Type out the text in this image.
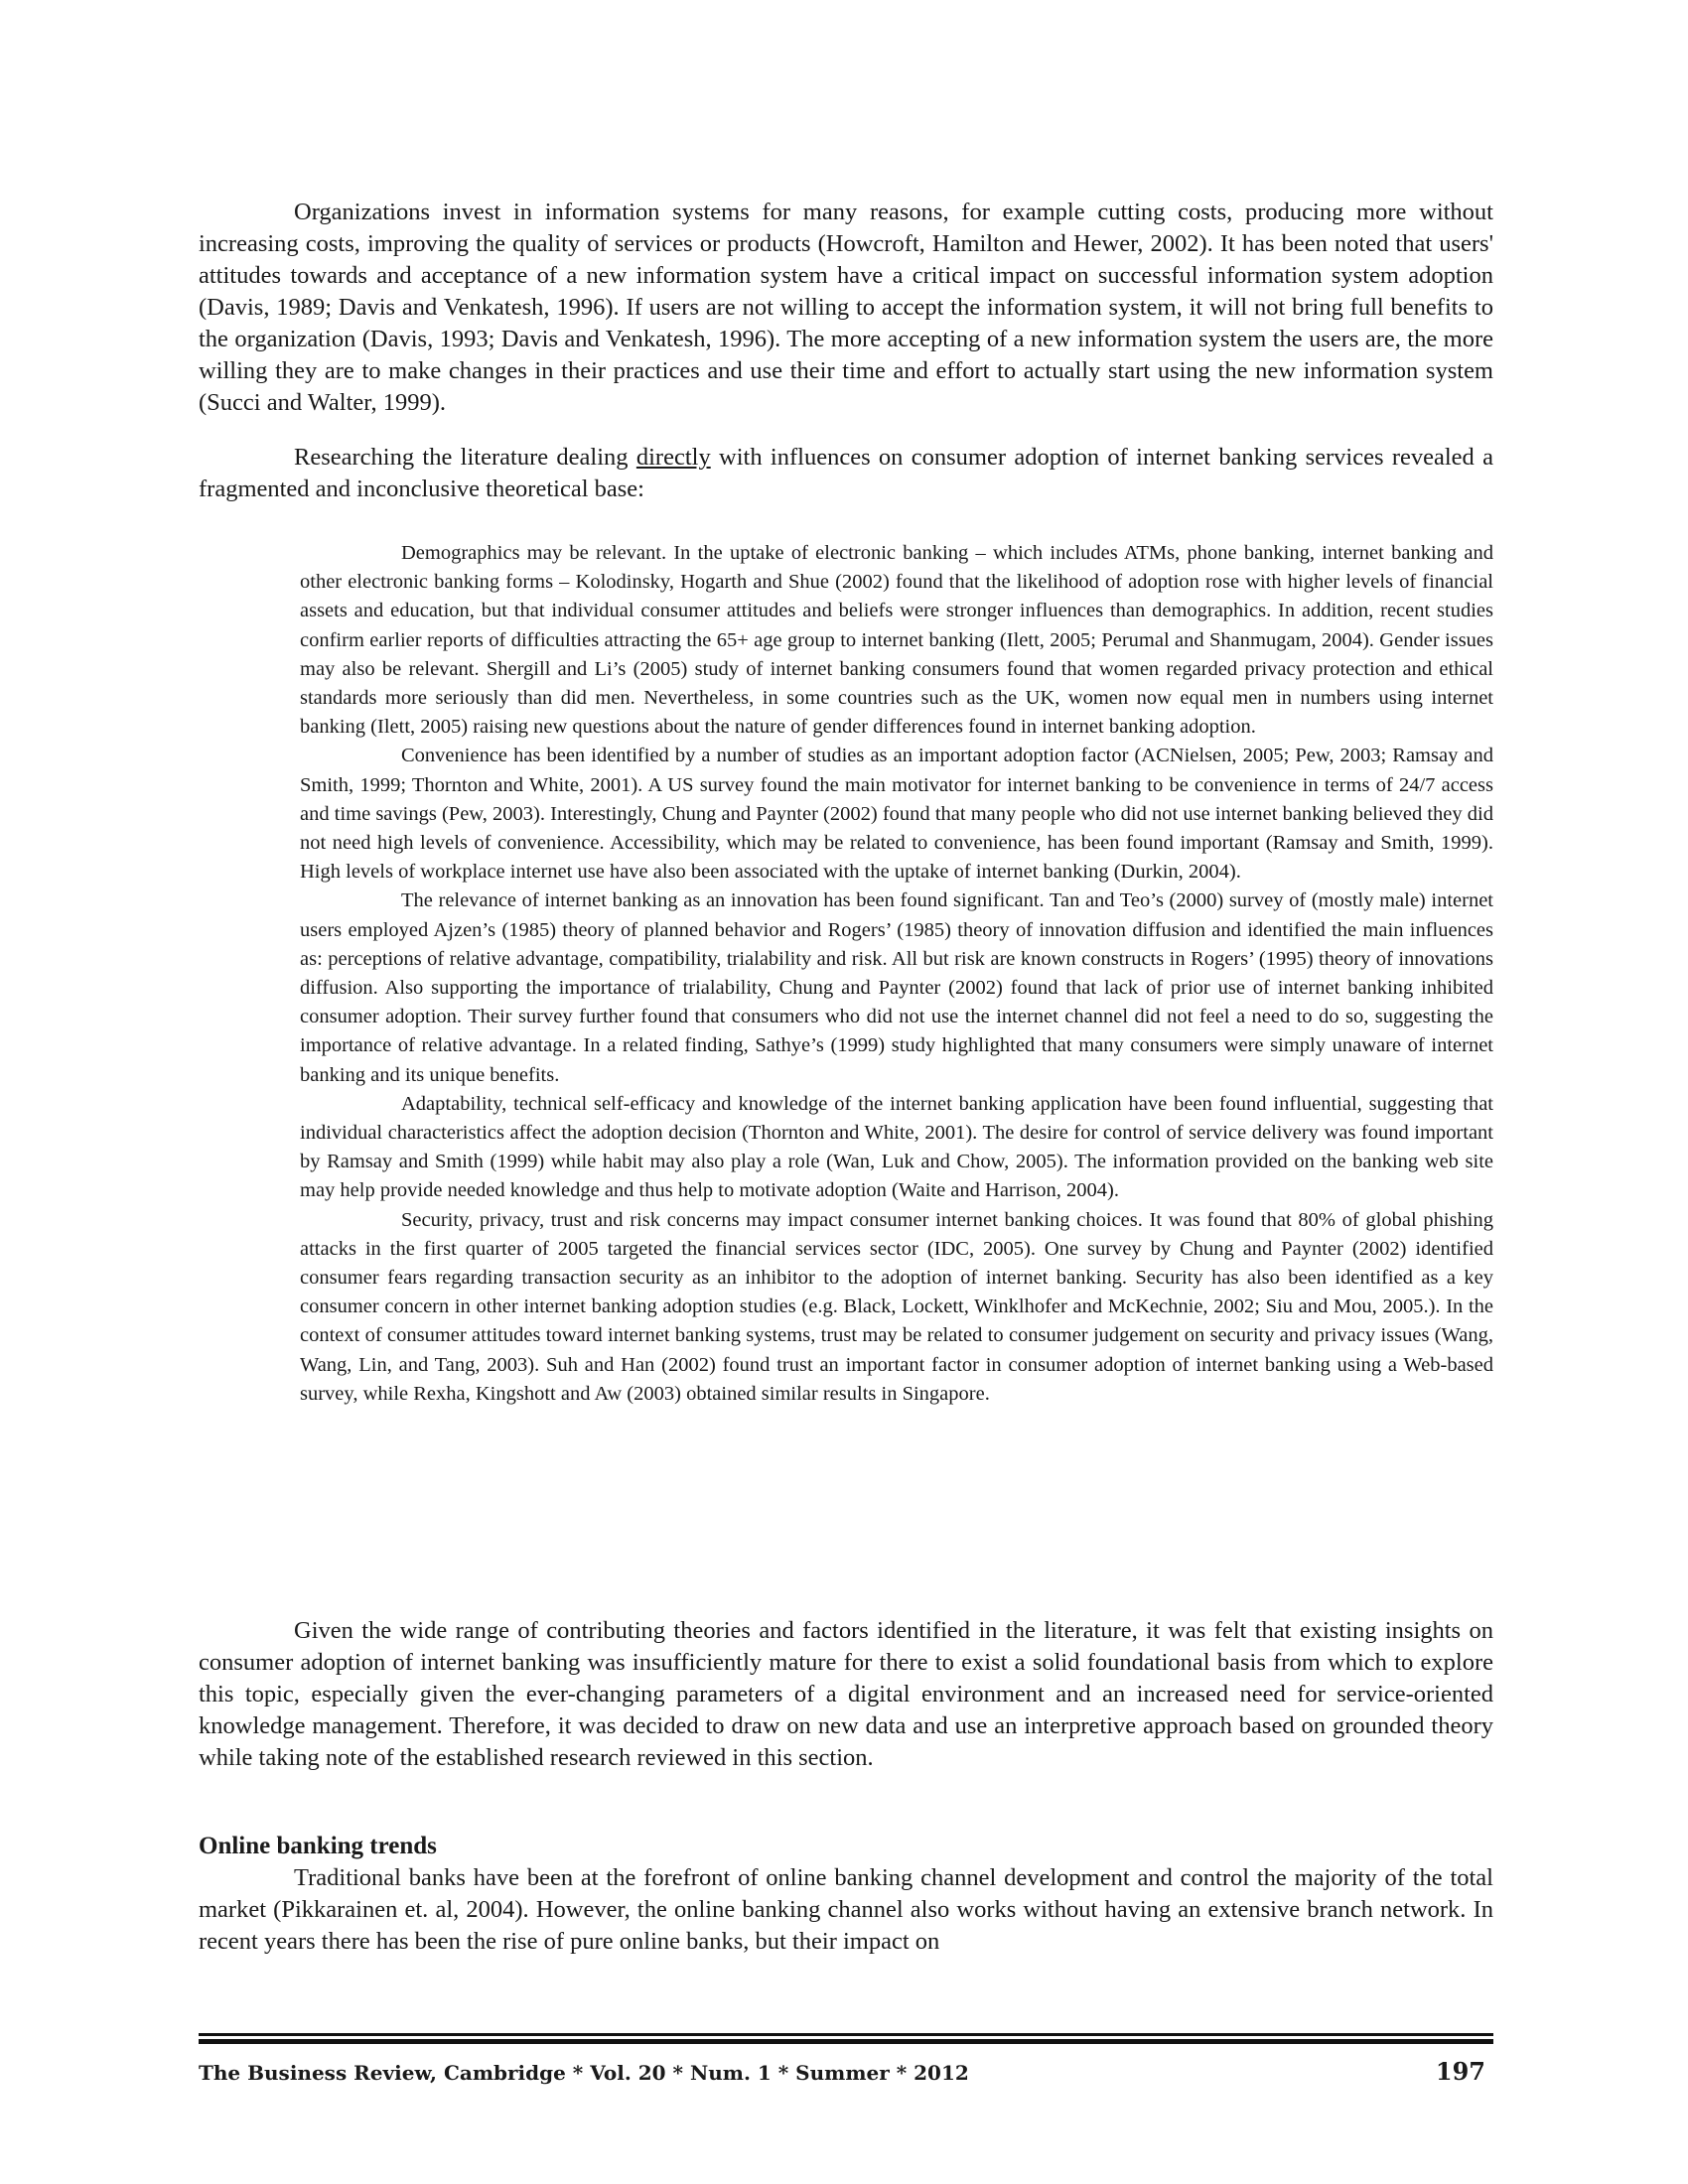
Organizations invest in information systems for many reasons, for example cutting costs, producing more without increasing costs, improving the quality of services or products (Howcroft, Hamilton and Hewer, 2002). It has been noted that users' attitudes towards and acceptance of a new information system have a critical impact on successful information system adoption (Davis, 1989; Davis and Venkatesh, 1996). If users are not willing to accept the information system, it will not bring full benefits to the organization (Davis, 1993; Davis and Venkatesh, 1996). The more accepting of a new information system the users are, the more willing they are to make changes in their practices and use their time and effort to actually start using the new information system (Succi and Walter, 1999).

Researching the literature dealing directly with influences on consumer adoption of internet banking services revealed a fragmented and inconclusive theoretical base:

Demographics may be relevant. In the uptake of electronic banking – which includes ATMs, phone banking, internet banking and other electronic banking forms – Kolodinsky, Hogarth and Shue (2002) found that the likelihood of adoption rose with higher levels of financial assets and education, but that individual consumer attitudes and beliefs were stronger influences than demographics. In addition, recent studies confirm earlier reports of difficulties attracting the 65+ age group to internet banking (Ilett, 2005; Perumal and Shanmugam, 2004). Gender issues may also be relevant. Shergill and Li’s (2005) study of internet banking consumers found that women regarded privacy protection and ethical standards more seriously than did men. Nevertheless, in some countries such as the UK, women now equal men in numbers using internet banking (Ilett, 2005) raising new questions about the nature of gender differences found in internet banking adoption.

Convenience has been identified by a number of studies as an important adoption factor (ACNielsen, 2005; Pew, 2003; Ramsay and Smith, 1999; Thornton and White, 2001). A US survey found the main motivator for internet banking to be convenience in terms of 24/7 access and time savings (Pew, 2003). Interestingly, Chung and Paynter (2002) found that many people who did not use internet banking believed they did not need high levels of convenience. Accessibility, which may be related to convenience, has been found important (Ramsay and Smith, 1999). High levels of workplace internet use have also been associated with the uptake of internet banking (Durkin, 2004).

The relevance of internet banking as an innovation has been found significant. Tan and Teo’s (2000) survey of (mostly male) internet users employed Ajzen’s (1985) theory of planned behavior and Rogers’ (1985) theory of innovation diffusion and identified the main influences as: perceptions of relative advantage, compatibility, trialability and risk. All but risk are known constructs in Rogers’ (1995) theory of innovations diffusion. Also supporting the importance of trialability, Chung and Paynter (2002) found that lack of prior use of internet banking inhibited consumer adoption. Their survey further found that consumers who did not use the internet channel did not feel a need to do so, suggesting the importance of relative advantage. In a related finding, Sathye’s (1999) study highlighted that many consumers were simply unaware of internet banking and its unique benefits.

Adaptability, technical self-efficacy and knowledge of the internet banking application have been found influential, suggesting that individual characteristics affect the adoption decision (Thornton and White, 2001). The desire for control of service delivery was found important by Ramsay and Smith (1999) while habit may also play a role (Wan, Luk and Chow, 2005). The information provided on the banking web site may help provide needed knowledge and thus help to motivate adoption (Waite and Harrison, 2004).

Security, privacy, trust and risk concerns may impact consumer internet banking choices. It was found that 80% of global phishing attacks in the first quarter of 2005 targeted the financial services sector (IDC, 2005). One survey by Chung and Paynter (2002) identified consumer fears regarding transaction security as an inhibitor to the adoption of internet banking. Security has also been identified as a key consumer concern in other internet banking adoption studies (e.g. Black, Lockett, Winklhofer and McKechnie, 2002; Siu and Mou, 2005.). In the context of consumer attitudes toward internet banking systems, trust may be related to consumer judgement on security and privacy issues (Wang, Wang, Lin, and Tang, 2003). Suh and Han (2002) found trust an important factor in consumer adoption of internet banking using a Web-based survey, while Rexha, Kingshott and Aw (2003) obtained similar results in Singapore.

Given the wide range of contributing theories and factors identified in the literature, it was felt that existing insights on consumer adoption of internet banking was insufficiently mature for there to exist a solid foundational basis from which to explore this topic, especially given the ever-changing parameters of a digital environment and an increased need for service-oriented knowledge management. Therefore, it was decided to draw on new data and use an interpretive approach based on grounded theory while taking note of the established research reviewed in this section.

Online banking trends

Traditional banks have been at the forefront of online banking channel development and control the majority of the total market (Pikkarainen et. al, 2004). However, the online banking channel also works without having an extensive branch network. In recent years there has been the rise of pure online banks, but their impact on

The Business Review, Cambridge * Vol. 20 * Num. 1 * Summer * 2012	197
